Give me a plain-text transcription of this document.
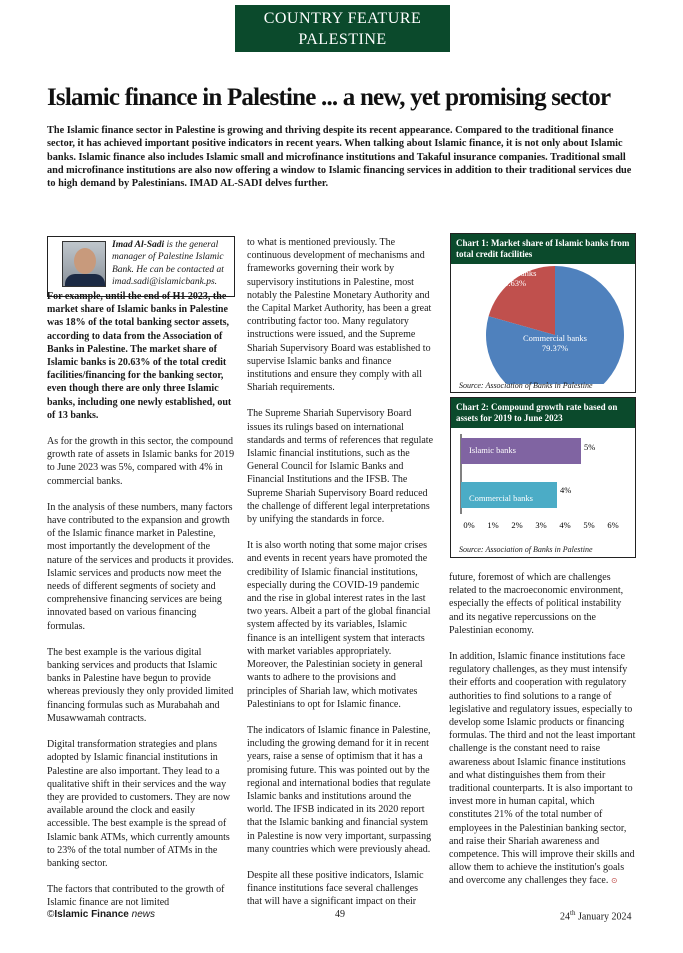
COUNTRY FEATURE
PALESTINE
Islamic finance in Palestine ... a new, yet promising sector

The Islamic finance sector in Palestine is growing and thriving despite its recent appearance. Compared to the traditional finance sector, it has achieved important positive indicators in recent years. When talking about Islamic finance, it is not only about Islamic banks. Islamic finance also includes Islamic small and microfinance institutions and Takaful insurance companies. Traditional small and microfinance institutions are also now offering a window to Islamic financing services in addition to their traditional services due to high demand by Palestinians. IMAD AL-SADI delves further.

Imad Al-Sadi is the general manager of Palestine Islamic Bank. He can be contacted at imad.sadi@islamicbank.ps.

For example, until the end of H1 2023, the market share of Islamic banks in Palestine was 18% of the total banking sector assets, according to data from the Association of Banks in Palestine. The market share of Islamic banks is 20.63% of the total credit facilities/financing for the banking sector, even though there are only three Islamic banks, including one newly established, out of 13 banks.

As for the growth in this sector, the compound growth rate of assets in Islamic banks for 2019 to June 2023 was 5%, compared with 4% in commercial banks.

In the analysis of these numbers, many factors have contributed to the expansion and growth of the Islamic finance market in Palestine, most importantly the development of the nature of the services and products it provides. Islamic services and products now meet the needs of different segments of society and comprehensive financing services are being innovated based on various financing formulas.

The best example is the various digital banking services and products that Islamic banks in Palestine have begun to provide whereas previously they only provided limited financing formulas such as Murabahah and Musawwamah contracts.

Digital transformation strategies and plans adopted by Islamic financial institutions in Palestine are also important. They lead to a qualitative shift in their services and the way they are provided to customers. They are now available around the clock and easily accessible. The best example is the spread of Islamic bank ATMs, which currently amounts to 23% of the total number of ATMs in the banking sector.

The factors that contributed to the growth of Islamic finance are not limited

to what is mentioned previously. The continuous development of mechanisms and frameworks governing their work by supervisory institutions in Palestine, most notably the Palestine Monetary Authority and the Capital Market Authority, has been a great contributing factor too. Many regulatory instructions were issued, and the Supreme Shariah Supervisory Board was established to supervise Islamic banks and finance institutions and ensure they comply with all Shariah requirements.

The Supreme Shariah Supervisory Board issues its rulings based on international standards and terms of references that regulate Islamic financial institutions, such as the General Council for Islamic Banks and Financial Institutions and the IFSB. The Supreme Shariah Supervisory Board reduced the challenge of different legal interpretations by unifying the standards in force.

It is also worth noting that some major crises and events in recent years have promoted the credibility of Islamic financial institutions, especially during the COVID-19 pandemic and the rise in global interest rates in the last two years. Albeit a part of the global financial system affected by its variables, Islamic finance is an intelligent system that interacts with market variables appropriately. Moreover, the Palestinian society in general wants to adhere to the provisions and principles of Shariah law, which motivates Palestinians to opt for Islamic finance.

The indicators of Islamic finance in Palestine, including the growing demand for it in recent years, raise a sense of optimism that it has a promising future. This was pointed out by the regional and international bodies that regulate Islamic banks and institutions around the world. The IFSB indicated in its 2020 report that the Islamic banking and financial system in Palestine is now very important, surpassing many countries which were previously ahead.

Despite all these positive indicators, Islamic finance institutions face several challenges that will have a significant impact on their

Chart 1: Market share of Islamic banks from total credit facilities
Islamic banks
20.63%
Commercial banks
79.37%
Source: Association of Banks in Palestine
Chart 2: Compound growth rate based on assets for 2019 to June 2023
Islamic banks	5%
Commercial banks
4%
0% 1% 2% 3% 4% 5% 6%
Source: Association of Banks in Palestine

future, foremost of which are challenges related to the macroeconomic environment, especially the effects of political instability and its negative repercussions on the Palestinian economy.

In addition, Islamic finance institutions face regulatory challenges, as they must intensify their efforts and cooperation with regulatory authorities to find solutions to a range of legislative and regulatory issues, especially to develop some Islamic products or financing formulas. The third and not the least important challenge is the constant need to raise awareness about Islamic finance institutions and what distinguishes them from their traditional counterparts. It is also important to invest more in human capital, which constitutes 21% of the total number of employees in the Palestinian banking sector, and raise their Shariah awareness and competence. This will improve their skills and allow them to achieve the institution's goals and overcome any challenges they face. ⊙

©Islamic Finance news	49	24th January 2024
